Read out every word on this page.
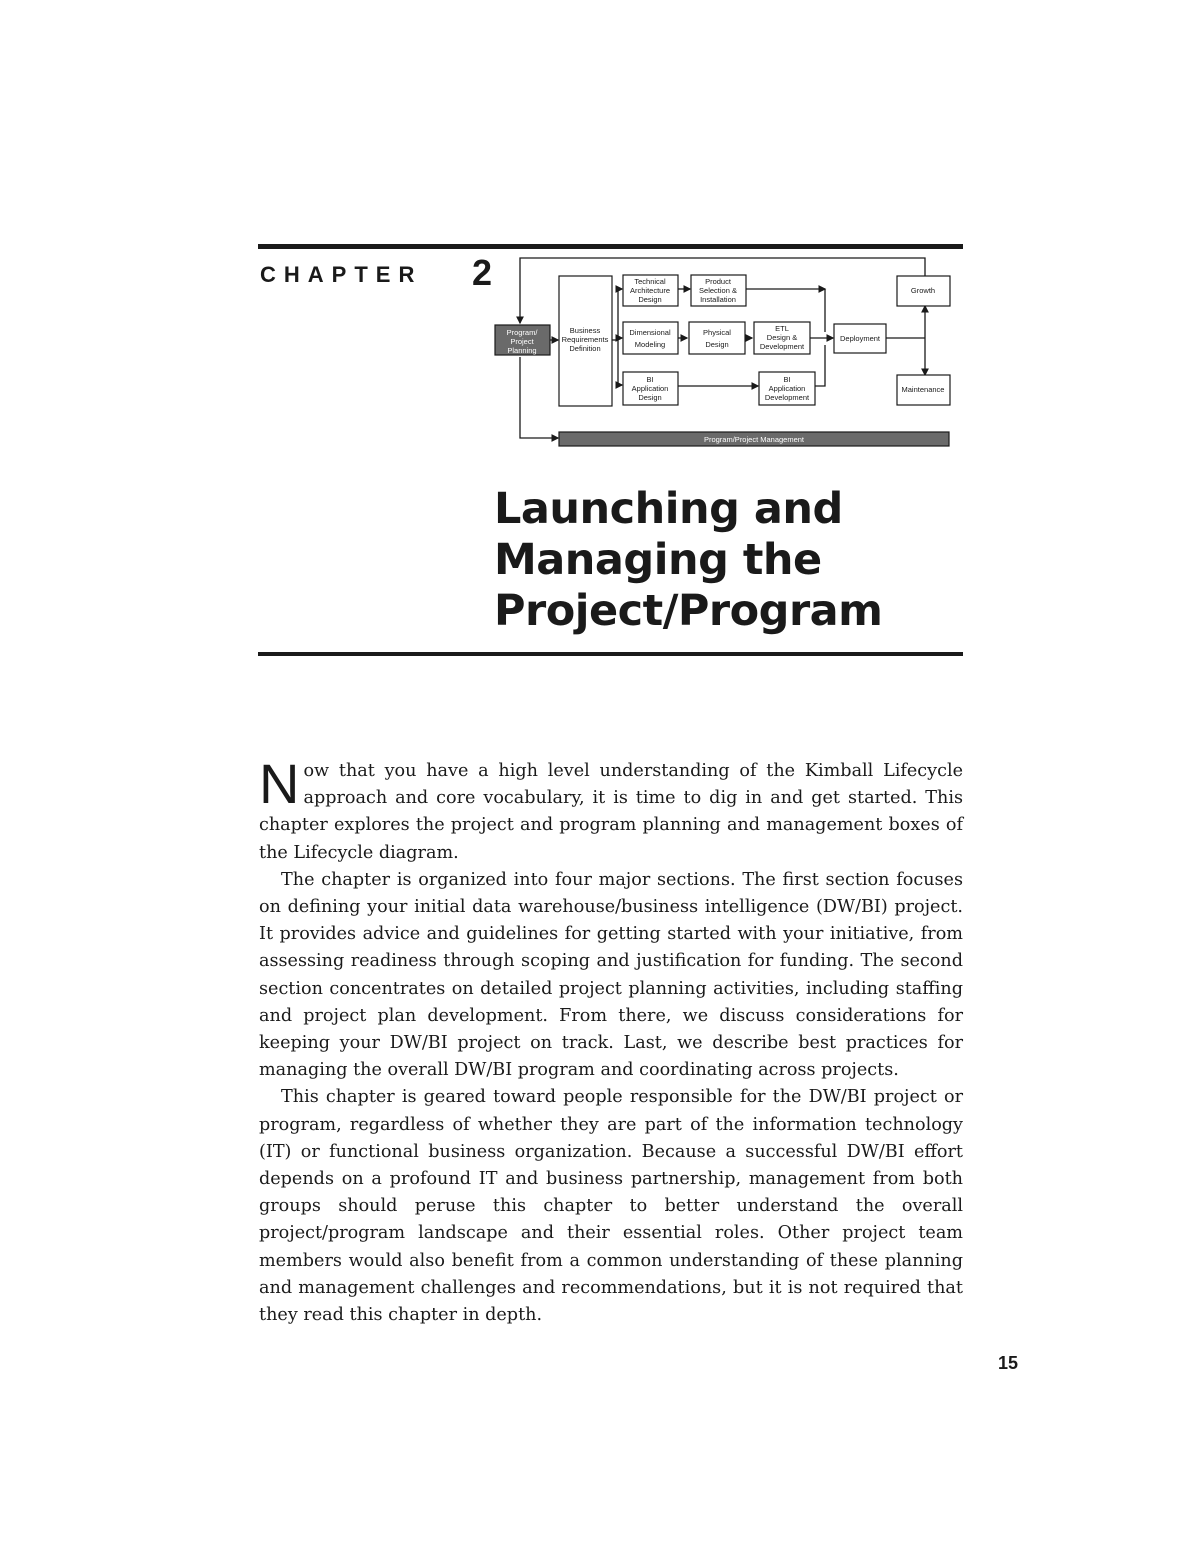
CHAPTER 2
Program/
Project
Planning
Business
Requirements
Definition
Technical
Architecture
Design
Product
Selection &
Installation
Dimensional
Modeling
Physical
Design
ETL
Design &
Development
BI
Application
Design
BI
Application
Development
Deployment
Growth
Maintenance
Program/Project Management
Launching and
Managing the
Project/Program

Now that you have a high level understanding of the Kimball Lifecycle approach and core vocabulary, it is time to dig in and get started. This chapter explores the project and program planning and management boxes of the Lifecycle diagram.

The chapter is organized into four major sections. The first section focuses on defining your initial data warehouse/business intelligence (DW/BI) project. It provides advice and guidelines for getting started with your initiative, from assessing readiness through scoping and justification for funding. The second section concentrates on detailed project planning activities, including staffing and project plan development. From there, we discuss considerations for keeping your DW/BI project on track. Last, we describe best practices for managing the overall DW/BI program and coordinating across projects.

This chapter is geared toward people responsible for the DW/BI project or program, regardless of whether they are part of the information technology (IT) or functional business organization. Because a successful DW/BI effort depends on a profound IT and business partnership, management from both groups should peruse this chapter to better understand the overall project/program landscape and their essential roles. Other project team members would also benefit from a common understanding of these planning and management challenges and recommendations, but it is not required that they read this chapter in depth.

15
